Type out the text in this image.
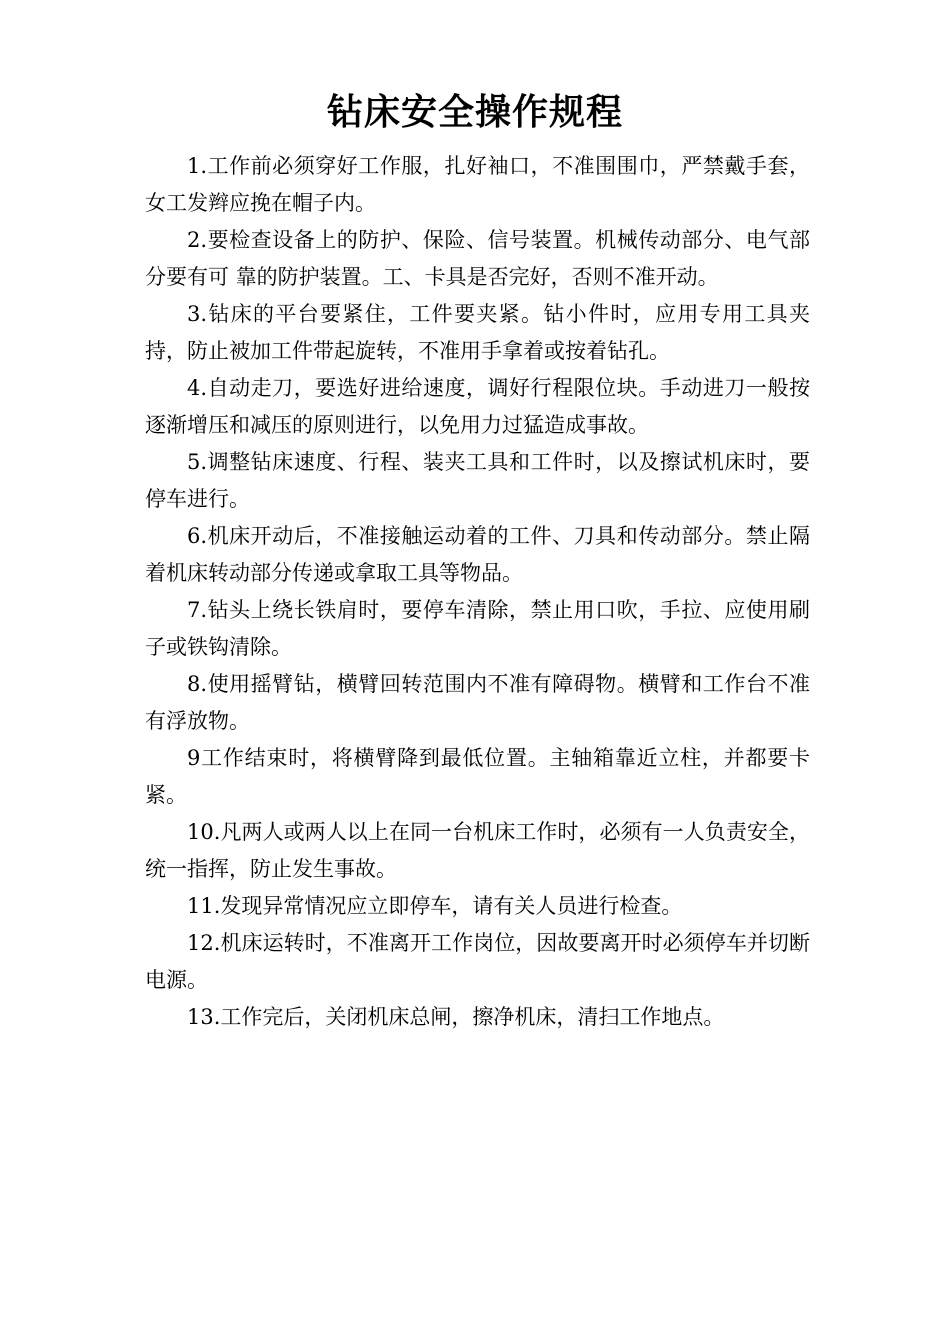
钻床安全操作规程

1.工作前必须穿好工作服，扎好袖口，不准围围巾，严禁戴手套，女工发辫应挽在帽子内。

2.要检查设备上的防护、保险、信号装置。机械传动部分、电气部分要有可 靠的防护装置。工、卡具是否完好，否则不准开动。

3.钻床的平台要紧住，工件要夹紧。钻小件时，应用专用工具夹持，防止被加工件带起旋转，不准用手拿着或按着钻孔。

4.自动走刀，要选好进给速度，调好行程限位块。手动进刀一般按逐渐增压和减压的原则进行，以免用力过猛造成事故。

5.调整钻床速度、行程、装夹工具和工件时，以及擦试机床时，要停车进行。

6.机床开动后，不准接触运动着的工件、刀具和传动部分。禁止隔着机床转动部分传递或拿取工具等物品。

7.钻头上绕长铁肩时，要停车清除，禁止用口吹，手拉、应使用刷子或铁钩清除。

8.使用摇臂钻，横臂回转范围内不准有障碍物。横臂和工作台不准有浮放物。

9工作结束时，将横臂降到最低位置。主轴箱靠近立柱，并都要卡紧。

10.凡两人或两人以上在同一台机床工作时，必须有一人负责安全，统一指挥，防止发生事故。

11.发现异常情况应立即停车，请有关人员进行检查。

12.机床运转时，不准离开工作岗位，因故要离开时必须停车并切断电源。

13.工作完后，关闭机床总闸，擦净机床，清扫工作地点。
